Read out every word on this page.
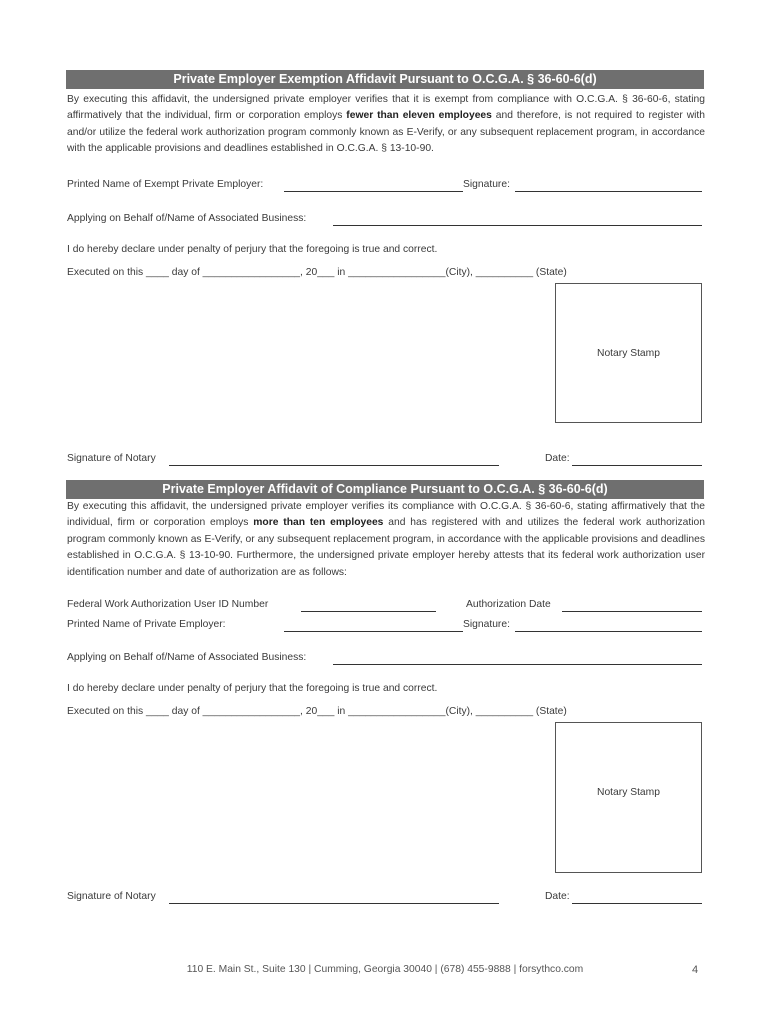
Private Employer Exemption Affidavit Pursuant to O.C.G.A. § 36-60-6(d)

By executing this affidavit, the undersigned private employer verifies that it is exempt from compliance with O.C.G.A. § 36-60-6, stating affirmatively that the individual, firm or corporation employs fewer than eleven employees and therefore, is not required to register with and/or utilize the federal work authorization program commonly known as E-Verify, or any subsequent replacement program, in accordance with the applicable provisions and deadlines established in O.C.G.A. § 13-10-90.

Printed Name of Exempt Private Employer:	Signature:
Applying on Behalf of/Name of Associated Business:
I do hereby declare under penalty of perjury that the foregoing is true and correct.
Executed on this ____ day of _________________, 20___ in _________________(City), __________ (State)
Notary Stamp
Signature of Notary	Date:
Private Employer Affidavit of Compliance Pursuant to O.C.G.A. § 36-60-6(d)

By executing this affidavit, the undersigned private employer verifies its compliance with O.C.G.A. § 36-60-6, stating affirmatively that the individual, firm or corporation employs more than ten employees and has registered with and utilizes the federal work authorization program commonly known as E-Verify, or any subsequent replacement program, in accordance with the applicable provisions and deadlines established in O.C.G.A. § 13-10-90. Furthermore, the undersigned private employer hereby attests that its federal work authorization user identification number and date of authorization are as follows:

Federal Work Authorization User ID Number	Authorization Date
Printed Name of Private Employer:	Signature:
Applying on Behalf of/Name of Associated Business:
I do hereby declare under penalty of perjury that the foregoing is true and correct.
Executed on this ____ day of _________________, 20___ in _________________(City), __________ (State)
Notary Stamp
Signature of Notary	Date:
110 E. Main St., Suite 130 | Cumming, Georgia 30040 | (678) 455-9888 | forsythco.com	4
